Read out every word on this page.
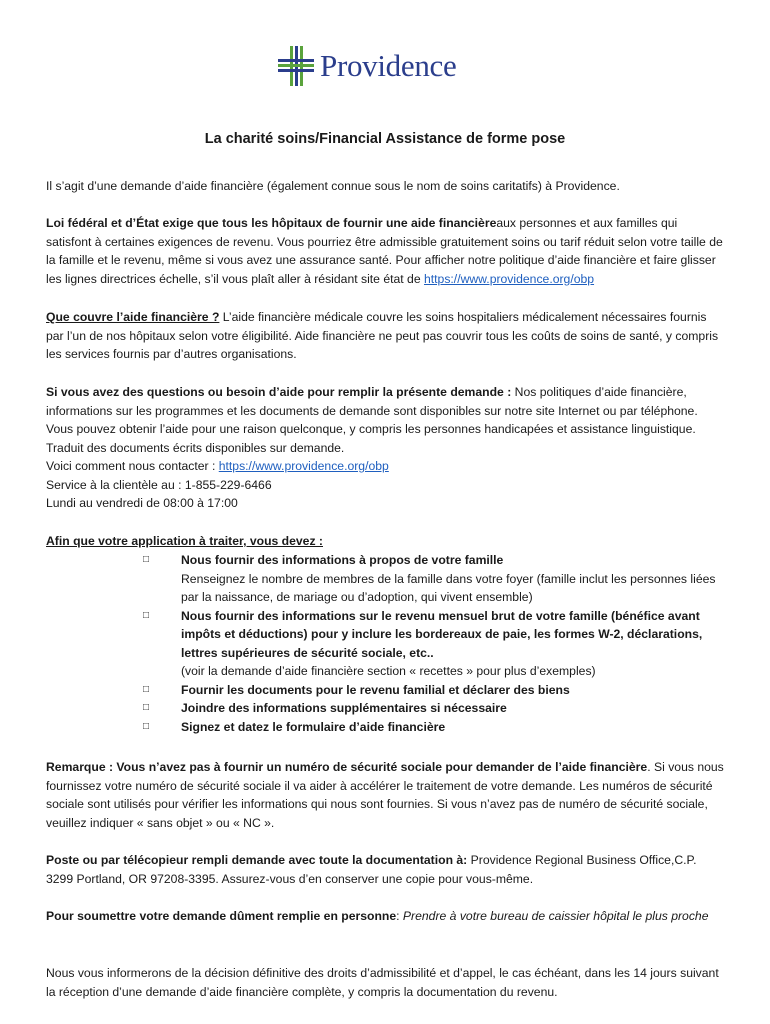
Providence
La charité soins/Financial Assistance de forme pose

Il s’agit d’une demande d’aide financière (également connue sous le nom de soins caritatifs) à Providence.

Loi fédéral et d’État exige que tous les hôpitaux de fournir une aide financièreaux personnes et aux familles qui satisfont à certaines exigences de revenu. Vous pourriez être admissible gratuitement soins ou tarif réduit selon votre taille de la famille et le revenu, même si vous avez une assurance santé. Pour afficher notre politique d’aide financière et faire glisser les lignes directrices échelle, s’il vous plaît aller à résidant site état de https://www.providence.org/obp

Que couvre l’aide financière ? L’aide financière médicale couvre les soins hospitaliers médicalement nécessaires fournis par l’un de nos hôpitaux selon votre éligibilité. Aide financière ne peut pas couvrir tous les coûts de soins de santé, y compris les services fournis par d’autres organisations.

Si vous avez des questions ou besoin d’aide pour remplir la présente demande : Nos politiques d’aide financière, informations sur les programmes et les documents de demande sont disponibles sur notre site Internet ou par téléphone. Vous pouvez obtenir l’aide pour une raison quelconque, y compris les personnes handicapées et assistance linguistique. Traduit des documents écrits disponibles sur demande.

Voici comment nous contacter : https://www.providence.org/obp

Service à la clientèle au : 1-855-229-6466

Lundi au vendredi de 08:00 à 17:00

Afin que votre application à traiter, vous devez :

□	Nous fournir des informations à propos de votre famille
Renseignez le nombre de membres de la famille dans votre foyer (famille inclut les personnes liées par la naissance, de mariage ou d’adoption, qui vivent ensemble)
□	Nous fournir des informations sur le revenu mensuel brut de votre famille (bénéfice avant impôts et déductions) pour y inclure les bordereaux de paie, les formes W-2, déclarations, lettres supérieures de sécurité sociale, etc..
(voir la demande d’aide financière section « recettes » pour plus d’exemples)
□	Fournir les documents pour le revenu familial et déclarer des biens
□	Joindre des informations supplémentaires si nécessaire
□	Signez et datez le formulaire d’aide financière

Remarque : Vous n’avez pas à fournir un numéro de sécurité sociale pour demander de l’aide financière. Si vous nous fournissez votre numéro de sécurité sociale il va aider à accélérer le traitement de votre demande. Les numéros de sécurité sociale sont utilisés pour vérifier les informations qui nous sont fournies. Si vous n’avez pas de numéro de sécurité sociale, veuillez indiquer « sans objet » ou « NC ».

Poste ou par télécopieur rempli demande avec toute la documentation à: Providence Regional Business Office,C.P. 3299 Portland, OR 97208-3395. Assurez-vous d’en conserver une copie pour vous-même.

Pour soumettre votre demande dûment remplie en personne: Prendre à votre bureau de caissier hôpital le plus proche

Nous vous informerons de la décision définitive des droits d’admissibilité et d’appel, le cas échéant, dans les 14 jours suivant la réception d’une demande d’aide financière complète, y compris la documentation du revenu.
